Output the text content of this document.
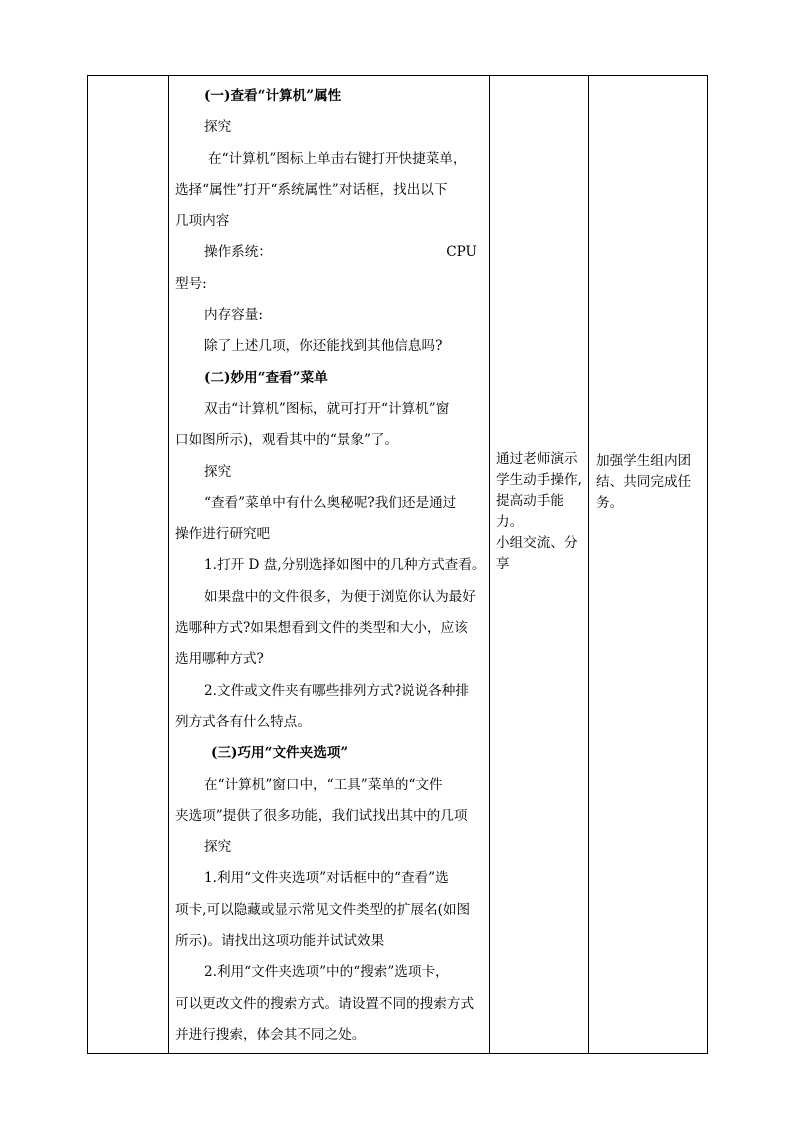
(一)查看“计算机”属性
探究
在“计算机”图标上单击右键打开快捷菜单，
选择“属性”打开“系统属性”对话框，找出以下
几项内容
操作系统：	CPU
型号:
内存容量:
除了上述几项，你还能找到其他信息吗?
(二)妙用“查看”菜单
双击“计算机”图标，就可打开“计算机”窗
口如图所示)，观看其中的“景象”了。
探究
“查看”菜单中有什么奥秘呢?我们还是通过
操作进行研究吧
1.打开 D 盘,分别选择如图中的几种方式查看。
如果盘中的文件很多，为便于浏览你认为最好
选哪种方式?如果想看到文件的类型和大小，应该
选用哪种方式?
2.文件或文件夹有哪些排列方式?说说各种排
列方式各有什么特点。
(三)巧用“文件夹选项”
在“计算机”窗口中，“工具”菜单的“文件
夹选项”提供了很多功能，我们试找出其中的几项
探究
1.利用“文件夹选项”对话框中的“查看”选
项卡,可以隐藏或显示常见文件类型的扩展名(如图
所示)。请找出这项功能并试试效果
2.利用“文件夹选项”中的“搜索”选项卡，
可以更改文件的搜索方式。请设置不同的搜索方式
并进行搜索，体会其不同之处。

通过老师演示
学生动手操作,
提高动手能力。
小组交流、分
享

加强学生组内团
结、共同完成任
务。
